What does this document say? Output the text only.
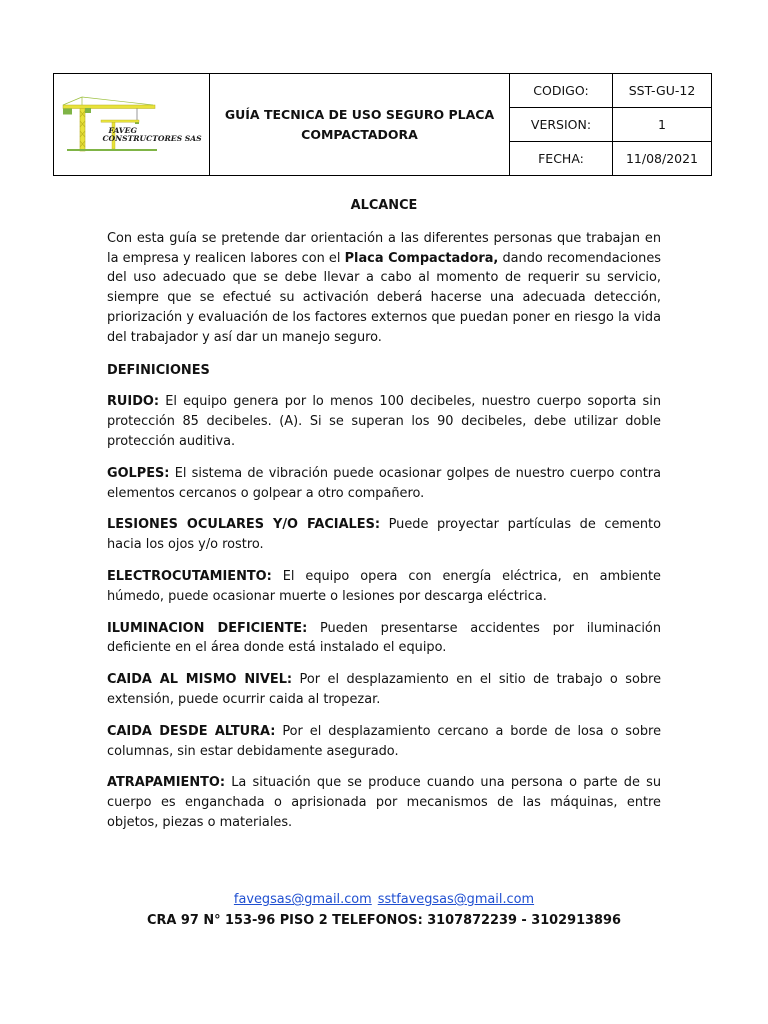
FAVEG
CONSTRUCTORES SAS	GUÍA TECNICA DE USO SEGURO PLACA COMPACTADORA	CODIGO:	SST-GU-12
		VERSION:	1
		FECHA:	11/08/2021

ALCANCE

Con esta guía se pretende dar orientación a las diferentes personas que trabajan en la empresa y realicen labores con el Placa Compactadora, dando recomendaciones del uso adecuado que se debe llevar a cabo al momento de requerir su servicio, siempre que se efectué su activación deberá hacerse una adecuada detección, priorización y evaluación de los factores externos que puedan poner en riesgo la vida del trabajador y así dar un manejo seguro.

DEFINICIONES

RUIDO: El equipo genera por lo menos 100 decibeles, nuestro cuerpo soporta sin protección 85 decibeles. (A). Si se superan los 90 decibeles, debe utilizar doble protección auditiva.

GOLPES: El sistema de vibración puede ocasionar golpes de nuestro cuerpo contra elementos cercanos o golpear a otro compañero.

LESIONES OCULARES Y/O FACIALES: Puede proyectar partículas de cemento hacia los ojos y/o rostro.

ELECTROCUTAMIENTO: El equipo opera con energía eléctrica, en ambiente húmedo, puede ocasionar muerte o lesiones por descarga eléctrica.

ILUMINACION DEFICIENTE: Pueden presentarse accidentes por iluminación deficiente en el área donde está instalado el equipo.

CAIDA AL MISMO NIVEL: Por el desplazamiento en el sitio de trabajo o sobre extensión, puede ocurrir caida al tropezar.

CAIDA DESDE ALTURA: Por el desplazamiento cercano a borde de losa o sobre columnas, sin estar debidamente asegurado.

ATRAPAMIENTO: La situación que se produce cuando una persona o parte de su cuerpo es enganchada o aprisionada por mecanismos de las máquinas, entre objetos, piezas o materiales.

favegsas@gmail.com sstfavegsas@gmail.com
CRA 97 N° 153-96 PISO 2 TELEFONOS: 3107872239 - 3102913896
